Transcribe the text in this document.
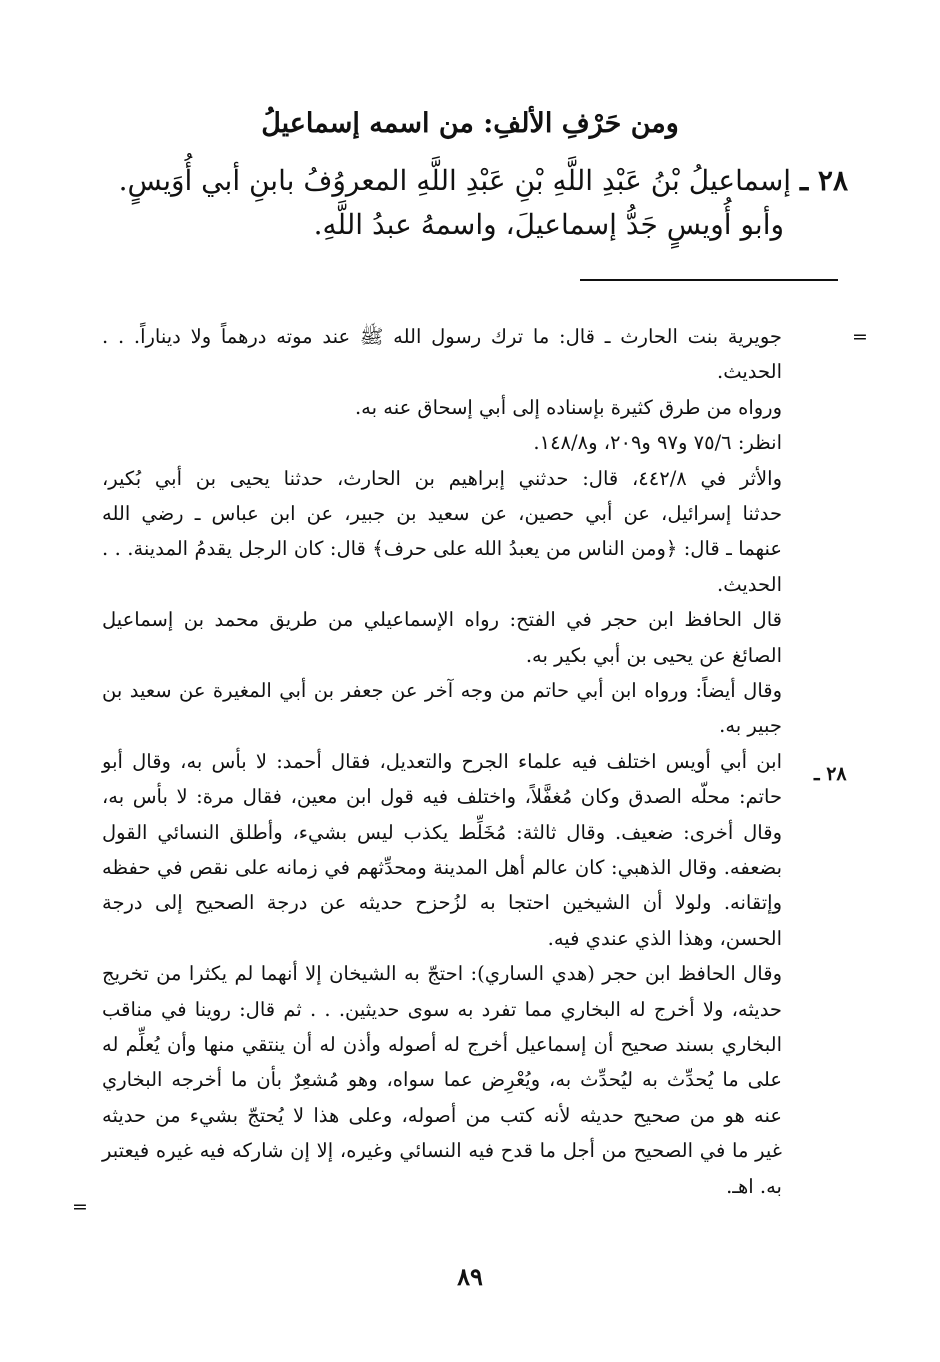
ومن حَرْفِ الألفِ: من اسمه إسماعيلُ
٢٨ ـ إسماعيلُ بْنُ عَبْدِ اللَّهِ بْنِ عَبْدِ اللَّهِ المعروُفُ بابنِ أبي أُوَيسٍ.
وأبو أُويسٍ جَدُّ إسماعيلَ، واسمهُ عبدُ اللَّهِ.
=
جويرية بنت الحارث ـ قال: ما ترك رسول الله ﷺ عند موته درهماً ولا ديناراً. . .
الحديث.
ورواه من طرق كثيرة بإسناده إلى أبي إسحاق عنه به.
انظر: ٧٥/٦ و٩٧ و٢٠٩، و١٤٨/٨.
والأثر في ٤٤٢/٨، قال: حدثني إبراهيم بن الحارث، حدثنا يحيى بن أبي بُكير،
حدثنا إسرائيل، عن أبي حصين، عن سعيد بن جبير، عن ابن عباس ـ رضي الله
عنهما ـ قال: ﴿ومن الناس من يعبدُ الله على حرف﴾ قال: كان الرجل يقدمُ المدينة. . .
الحديث.
قال الحافظ ابن حجر في الفتح: رواه الإسماعيلي من طريق محمد بن إسماعيل
الصائغ عن يحيى بن أبي بكير به.
وقال أيضاً: ورواه ابن أبي حاتم من وجه آخر عن جعفر بن أبي المغيرة عن سعيد بن
جبير به.
ابن أبي أويس اختلف فيه علماء الجرح والتعديل، فقال أحمد: لا بأس به، وقال أبو
حاتم: محلّه الصدق وكان مُغفَّلاً، واختلف فيه قول ابن معين، فقال مرة: لا بأس به،
وقال أخرى: ضعيف. وقال ثالثة: مُخَلِّط يكذب ليس بشيء، وأطلق النسائي القول
بضعفه. وقال الذهبي: كان عالم أهل المدينة ومحدِّثهم في زمانه على نقص في حفظه
وإتقانه. ولولا أن الشيخين احتجا به لزُحزح حديثه عن درجة الصحيح إلى درجة
الحسن، وهذا الذي عندي فيه.
وقال الحافظ ابن حجر (هدي الساري): احتجّ به الشيخان إلا أنهما لم يكثرا من تخريج
حديثه، ولا أخرج له البخاري مما تفرد به سوى حديثين. . . ثم قال: روينا في مناقب
البخاري بسند صحيح أن إسماعيل أخرج له أصوله وأذن له أن ينتقي منها وأن يُعلِّم له
على ما يُحدِّث به ليُحدِّث به، ويُعْرِض عما سواه، وهو مُشعِرٌ بأن ما أخرجه البخاري
عنه هو من صحيح حديثه لأنه كتب من أصوله، وعلى هذا لا يُحتجّ بشيء من حديثه
غير ما في الصحيح من أجل ما قدح فيه النسائي وغيره، إلا إن شاركه فيه غيره فيعتبر
به. اهـ.
٢٨ ـ
=
٨٩
